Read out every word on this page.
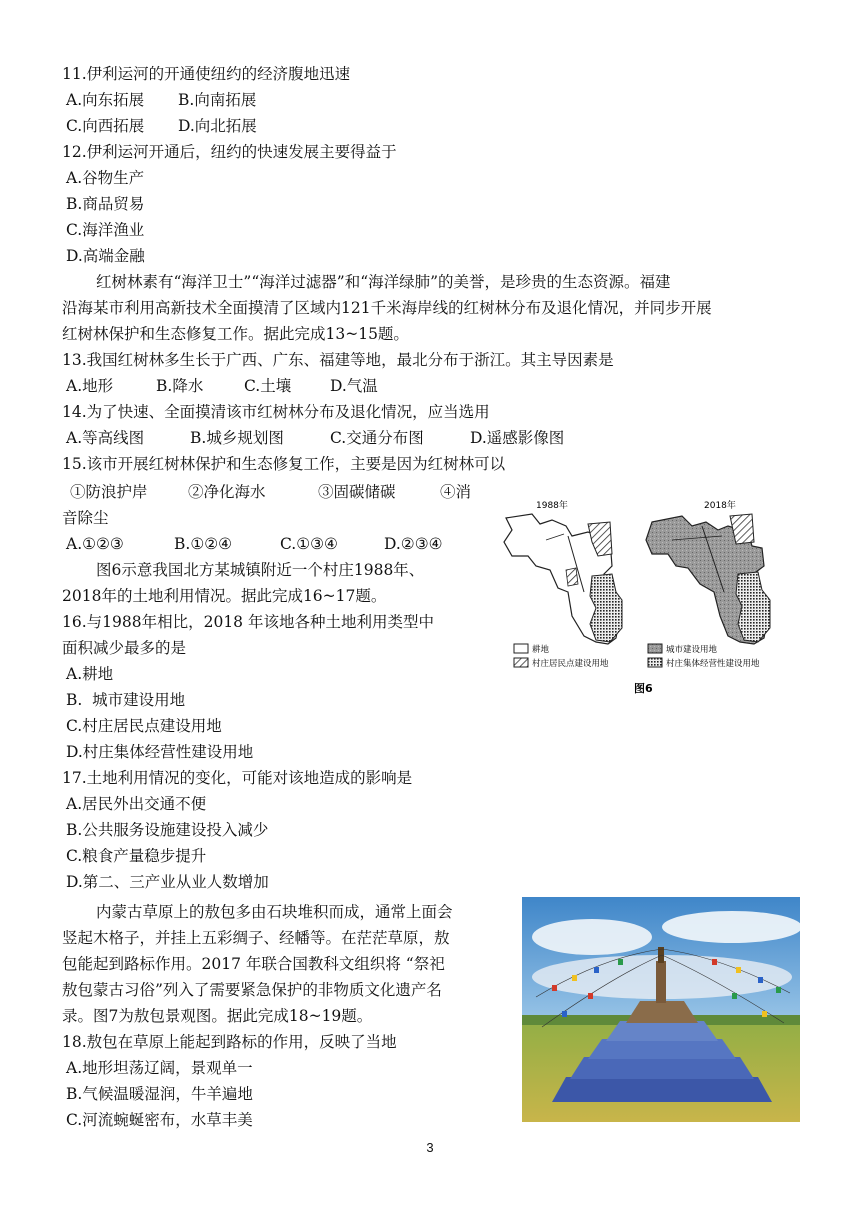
11.伊利运河的开通使纽约的经济腹地迅速
A.向东拓展 B.向南拓展
C.向西拓展 D.向北拓展
12.伊利运河开通后，纽约的快速发展主要得益于
A.谷物生产
B.商品贸易
C.海洋渔业
D.高端金融
红树林素有“海洋卫士”“海洋过滤器”和“海洋绿肺”的美誉，是珍贵的生态资源。福建
沿海某市利用高新技术全面摸清了区域内121千米海岸线的红树林分布及退化情况，并同步开展
红树林保护和生态修复工作。据此完成13~15题。
13.我国红树林多生长于广西、广东、福建等地，最北分布于浙江。其主导因素是
A.地形	B.降水	C.土壤	D.气温
14.为了快速、全面摸清该市红树林分布及退化情况，应当选用
A.等高线图	B.城乡规划图	C.交通分布图	D.遥感影像图
15.该市开展红树林保护和生态修复工作，主要是因为红树林可以
①防浪护岸	②净化海水	③固碳储碳	④消
音除尘
A.①②③	B.①②④	C.①③④	D.②③④
图6示意我国北方某城镇附近一个村庄1988年、
2018年的土地利用情况。据此完成16~17题。
16.与1988年相比，2018 年该地各种土地利用类型中
面积减少最多的是
A.耕地
B.  城市建设用地
C.村庄居民点建设用地
D.村庄集体经营性建设用地
17.土地利用情况的变化，可能对该地造成的影响是
A.居民外出交通不便
B.公共服务设施建设投入减少
C.粮食产量稳步提升
D.第二、三产业从业人数增加
内蒙古草原上的敖包多由石块堆积而成，通常上面会
竖起木格子，并挂上五彩绸子、经幡等。在茫茫草原，敖
包能起到路标作用。2017 年联合国教科文组织将 “祭祀
敖包蒙古习俗”列入了需要紧急保护的非物质文化遗产名
录。图7为敖包景观图。据此完成18~19题。
18.敖包在草原上能起到路标的作用，反映了当地
A.地形坦荡辽阔，景观单一
B.气候温暖湿润，牛羊遍地
C.河流蜿蜒密布，水草丰美
1988年	2018年
耕地	城市建设用地
村庄居民点建设用地	村庄集体经营性建设用地
图6
3
